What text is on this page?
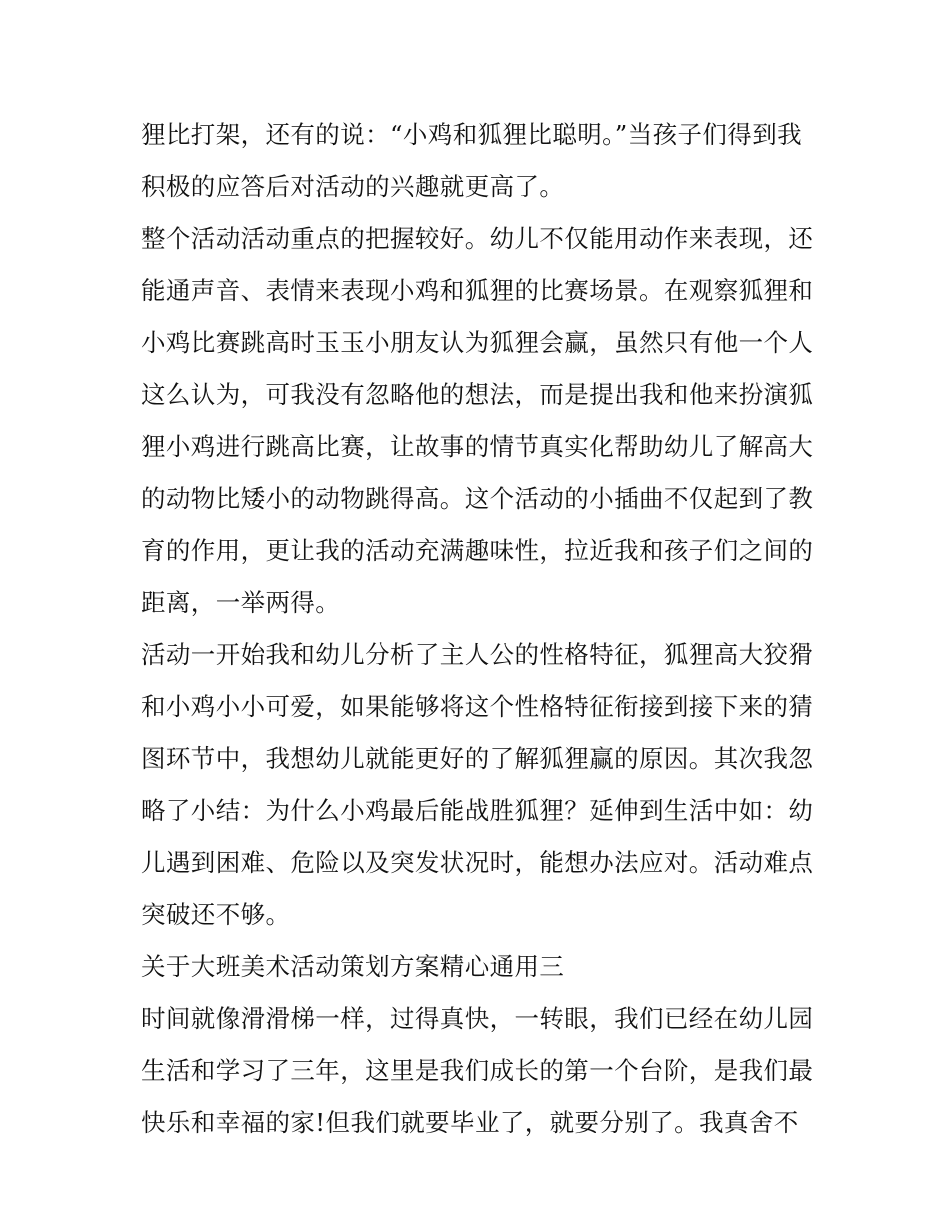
狸比打架，还有的说：“小鸡和狐狸比聪明。”当孩子们得到我
积极的应答后对活动的兴趣就更高了。
整个活动活动重点的把握较好。幼儿不仅能用动作来表现，还
能通声音、表情来表现小鸡和狐狸的比赛场景。在观察狐狸和
小鸡比赛跳高时玉玉小朋友认为狐狸会赢，虽然只有他一个人
这么认为，可我没有忽略他的想法，而是提出我和他来扮演狐
狸小鸡进行跳高比赛，让故事的情节真实化帮助幼儿了解高大
的动物比矮小的动物跳得高。这个活动的小插曲不仅起到了教
育的作用，更让我的活动充满趣味性，拉近我和孩子们之间的
距离，一举两得。
活动一开始我和幼儿分析了主人公的性格特征，狐狸高大狡猾
和小鸡小小可爱，如果能够将这个性格特征衔接到接下来的猜
图环节中，我想幼儿就能更好的了解狐狸赢的原因。其次我忽
略了小结：为什么小鸡最后能战胜狐狸？延伸到生活中如：幼
儿遇到困难、危险以及突发状况时，能想办法应对。活动难点
突破还不够。
关于大班美术活动策划方案精心通用三
时间就像滑滑梯一样，过得真快，一转眼，我们已经在幼儿园
生活和学习了三年，这里是我们成长的第一个台阶，是我们最
快乐和幸福的家!但我们就要毕业了，就要分别了。我真舍不
